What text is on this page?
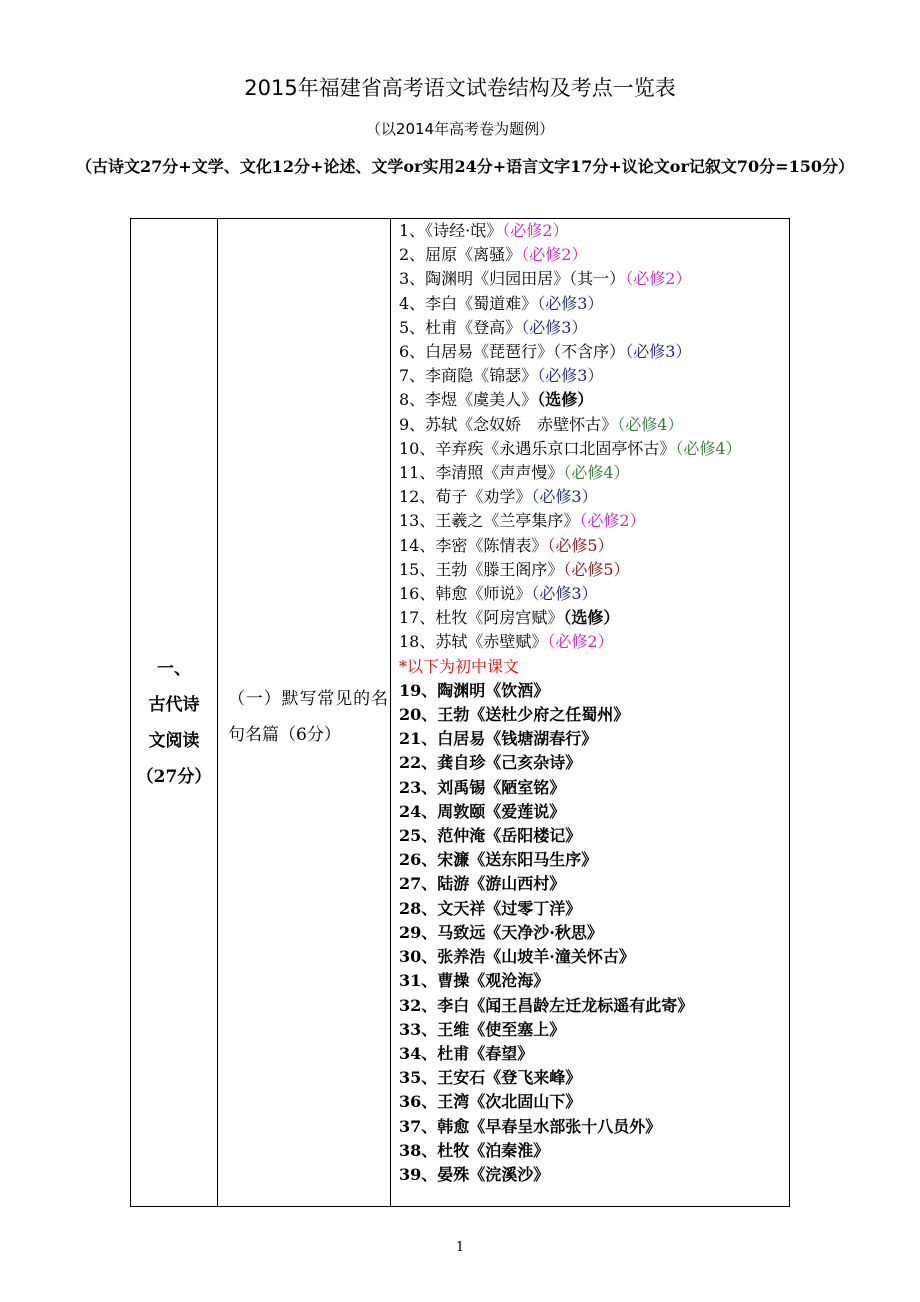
2015年福建省高考语文试卷结构及考点一览表
（以2014年高考卷为题例）
（古诗文27分+文学、文化12分+论述、文学or实用24分+语言文字17分+议论文or记叙文70分=150分）
一、
古代诗
文阅读
（27分）
（一）默写常见的名句名篇（6分）
1、《诗经·氓》（必修2）
2、屈原《离骚》（必修2）
3、陶渊明《归园田居》（其一）（必修2）
4、李白《蜀道难》（必修3）
5、杜甫《登高》（必修3）
6、白居易《琵琶行》（不含序）（必修3）
7、李商隐《锦瑟》（必修3）
8、李煜《虞美人》（选修）
9、苏轼《念奴娇　赤壁怀古》（必修4）
10、辛弃疾《永遇乐京口北固亭怀古》（必修4）
11、李清照《声声慢》（必修4）
12、荀子《劝学》（必修3）
13、王羲之《兰亭集序》（必修2）
14、李密《陈情表》（必修5）
15、王勃《滕王阁序》（必修5）
16、韩愈《师说》（必修3）
17、杜牧《阿房宫赋》（选修）
18、苏轼《赤壁赋》（必修2）
*以下为初中课文
19、陶渊明《饮酒》
20、王勃《送杜少府之任蜀州》
21、白居易《钱塘湖春行》
22、龚自珍《己亥杂诗》
23、刘禹锡《陋室铭》
24、周敦颐《爱莲说》
25、范仲淹《岳阳楼记》
26、宋濂《送东阳马生序》
27、陆游《游山西村》
28、文天祥《过零丁洋》
29、马致远《天净沙·秋思》
30、张养浩《山坡羊·潼关怀古》
31、曹操《观沧海》
32、李白《闻王昌龄左迁龙标遥有此寄》
33、王维《使至塞上》
34、杜甫《春望》
35、王安石《登飞来峰》
36、王湾《次北固山下》
37、韩愈《早春呈水部张十八员外》
38、杜牧《泊秦淮》
39、晏殊《浣溪沙》
1
